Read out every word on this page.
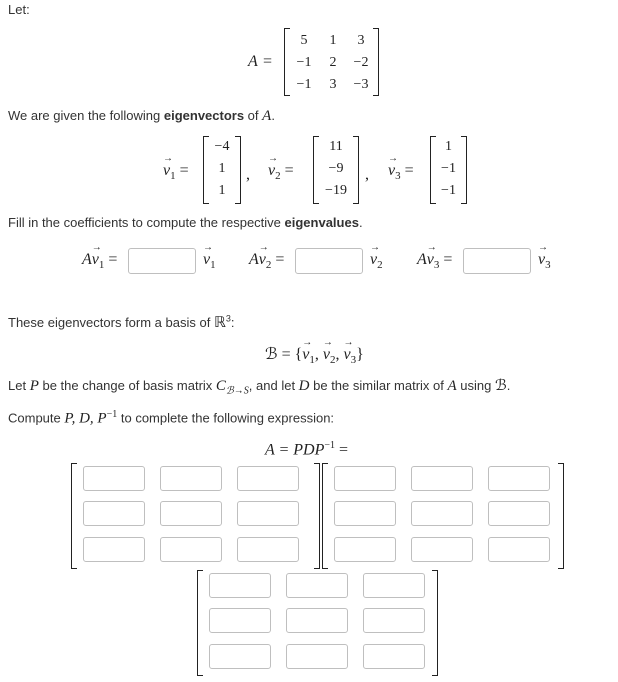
Let:
A =
5	1	3
−1	2	−2
−1	3	−3
We are given the following eigenvectors of A.
→
$v_1$ =
−4
1
1
,
→
$v_2$ =
11
−9
−19
,
→
$v_3$ =
1
−1
−1
Fill in the coefficients to compute the respective eigenvalues.
A
→
$v_1$ =
→
$v_1$ A
→
$v_2$ =
→
$v_2$ A
→
$v_3$ =
→
$v_3$
These eigenvectors form a basis of ℝ$^3$:
ℬ = {
→
$v_1$,
→
$v_2$,
→
$v_3$}
Let P be the change of basis matrix $C_{ℬ\to S}$, and let D be the similar matrix of A using ℬ.
Compute P, D, $P^{-1}$ to complete the following expression:
$A = PDP^{-1}$ =
